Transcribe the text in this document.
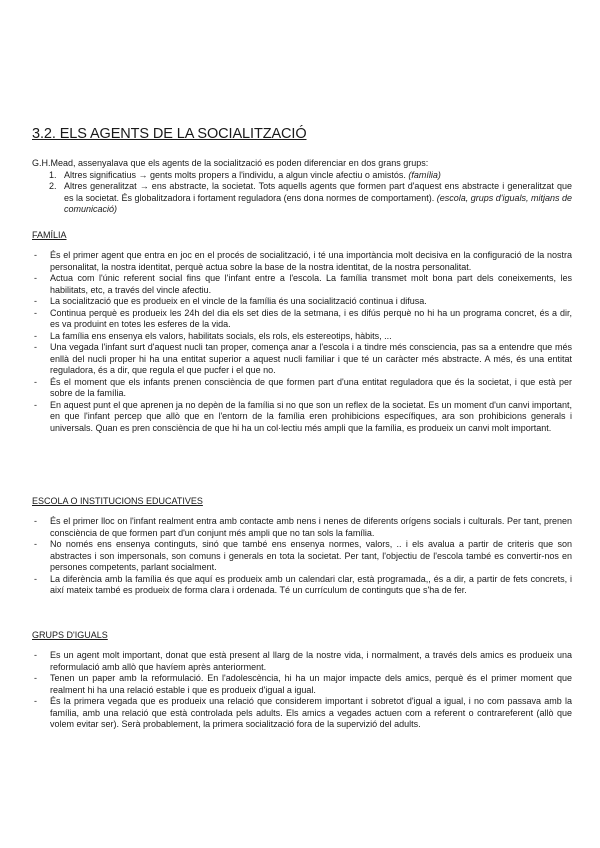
3.2. ELS AGENTS DE LA SOCIALITZACIÓ

G.H.Mead, assenyalava que els agents de la socialització es poden diferenciar en dos grans grups:

1. Altres significatius → gents molts propers a l'individu, a algun vincle afectiu o amistós. (família)
2. Altres generalitzat → ens abstracte, la societat. Tots aquells agents que formen part d'aquest ens abstracte i generalitzat que es la societat. És globalitzadora i fortament reguladora (ens dona normes de comportament). (escola, grups d'iguals, mitjans de comunicació)
FAMÍLIA
- És el primer agent que entra en joc en el procés de socialització, i té una importància molt decisiva en la configuració de la nostra personalitat, la nostra identitat, perquè actua sobre la base de la nostra identitat, de la nostra personalitat.
- Actua com l'únic referent social fins que l'infant entre a l'escola. La família transmet molt bona part dels coneixements, les habilitats, etc, a través del vincle afectiu.
- La socialització que es produeix en el vincle de la família és una socialització continua i difusa.
- Continua perquè es produeix les 24h del dia els set dies de la setmana, i es difús perquè no hi ha un programa concret, és a dir, es va produint en totes les esferes de la vida.
- La família ens ensenya els valors, habilitats socials, els rols, els estereotips, hàbits, ...
- Una vegada l'infant surt d'aquest nucli tan proper, comença anar a l'escola i a tindre més consciencia, pas sa a entendre que més enllà del nucli proper hi ha una entitat superior a aquest nucli familiar i que té un caràcter més abstracte. A més, és una entitat reguladora, és a dir, que regula el que pucfer i el que no.
- És el moment que els infants prenen consciència de que formen part d'una entitat reguladora que és la societat, i que està per sobre de la família.
- En aquest punt el que aprenen ja no depèn de la família si no que son un reflex de la societat. Es un moment d'un canvi important, en que l'infant percep que allò que en l'entorn de la família eren prohibicions específiques, ara son prohibicions generals i universals. Quan es pren consciència de que hi ha un col·lectiu més ampli que la família, es produeix un canvi molt important.
ESCOLA O INSTITUCIONS EDUCATIVES
- És el primer lloc on l'infant realment entra amb contacte amb nens i nenes de diferents orígens socials i culturals. Per tant, prenen consciència de que formen part d'un conjunt més ampli que no tan sols la família.
- No només ens ensenya continguts, sinó que també ens ensenya normes, valors, .. i els avalua a partir de criteris que son abstractes i son impersonals, son comuns i generals en tota la societat. Per tant, l'objectiu de l'escola també es convertir-nos en persones competents, parlant socialment.
- La diferència amb la família és que aquí es produeix amb un calendari clar, està programada,, és a dir, a partir de fets concrets, i així mateix també es produeix de forma clara i ordenada. Té un currículum de continguts que s'ha de fer.
GRUPS D'IGUALS
- Es un agent molt important, donat que està present al llarg de la nostre vida, i normalment, a través dels amics es produeix una reformulació amb allò que havíem après anteriorment.
- Tenen un paper amb la reformulació. En l'adolescència, hi ha un major impacte dels amics, perquè és el primer moment que realment hi ha una relació estable i que es produeix d'igual a igual.
- És la primera vegada que es produeix una relació que considerem important i sobretot d'igual a igual, i no com passava amb la família, amb una relació que està controlada pels adults. Els amics a vegades actuen com a referent o contrareferent (allò que volem evitar ser). Serà probablement, la primera socialització fora de la supervizió del adults.
